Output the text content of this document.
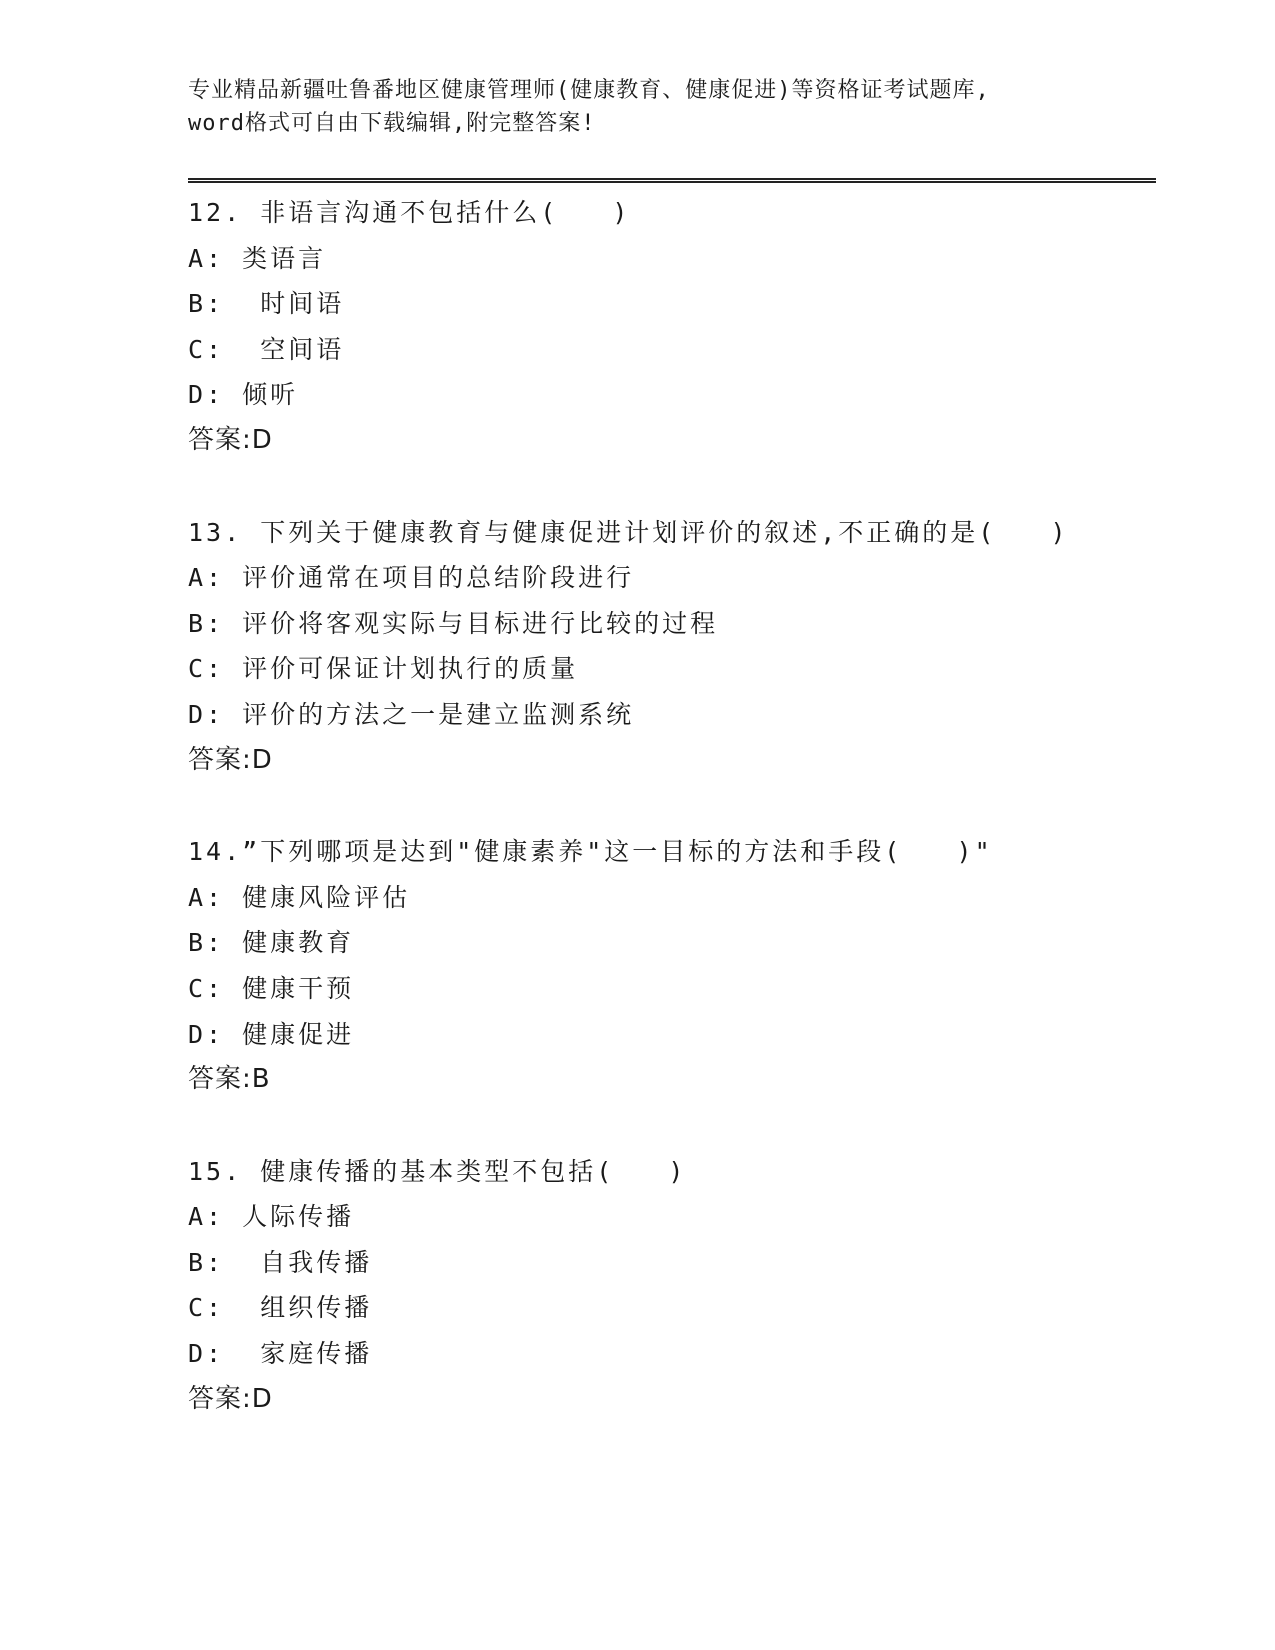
专业精品新疆吐鲁番地区健康管理师(健康教育、健康促进)等资格证考试题库,
word格式可自由下载编辑,附完整答案!
12. 非语言沟通不包括什么(   )
A: 类语言
B:  时间语
C:  空间语
D: 倾听
答案:D
13. 下列关于健康教育与健康促进计划评价的叙述,不正确的是(   )
A: 评价通常在项目的总结阶段进行
B: 评价将客观实际与目标进行比较的过程
C: 评价可保证计划执行的质量
D: 评价的方法之一是建立监测系统
答案:D
14.”下列哪项是达到"健康素养"这一目标的方法和手段(   )"
A: 健康风险评估
B: 健康教育
C: 健康干预
D: 健康促进
答案:B
15. 健康传播的基本类型不包括(   )
A: 人际传播
B:  自我传播
C:  组织传播
D:  家庭传播
答案:D
